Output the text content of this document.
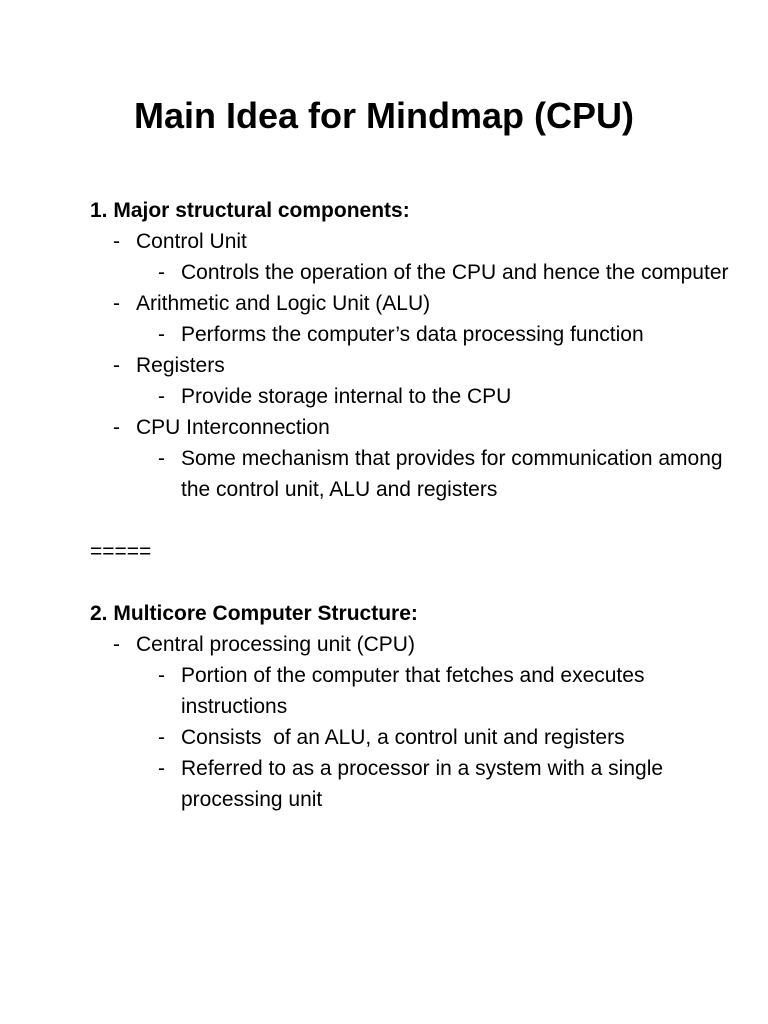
Main Idea for Mindmap (CPU)

1. Major structural components:

- Control Unit
- Controls the operation of the CPU and hence the computer
- Arithmetic and Logic Unit (ALU)
- Performs the computer’s data processing function
- Registers
- Provide storage internal to the CPU
- CPU Interconnection
- Some mechanism that provides for communication among the control unit, ALU and registers

=====

2. Multicore Computer Structure:

- Central processing unit (CPU)
- Portion of the computer that fetches and executes instructions
- Consists  of an ALU, a control unit and registers
- Referred to as a processor in a system with a single processing unit
